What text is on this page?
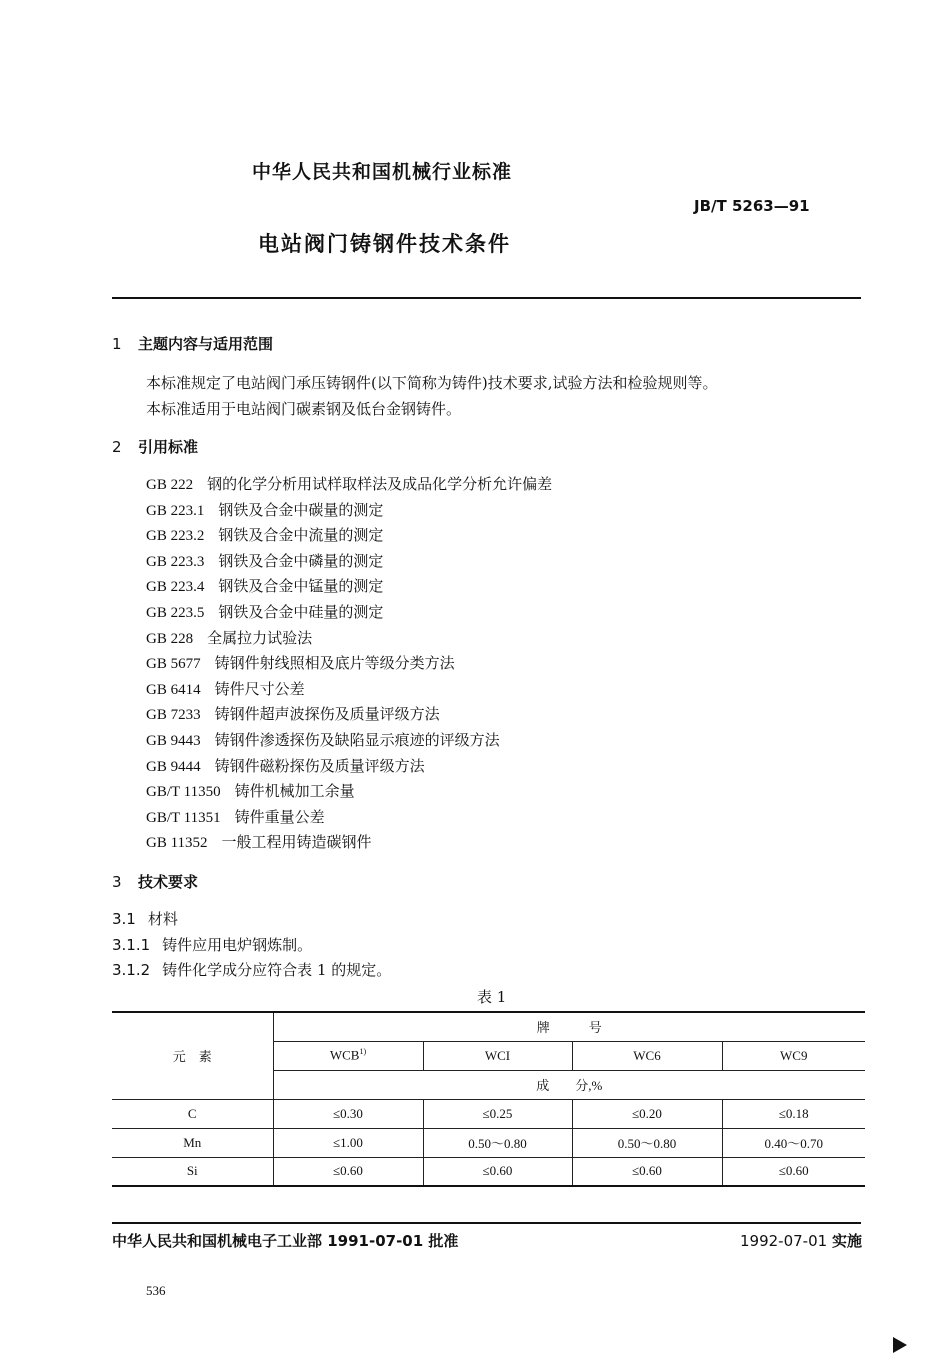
中华人民共和国机械行业标准
JB/T 5263—91
电站阀门铸钢件技术条件
1 主题内容与适用范围
本标准规定了电站阀门承压铸钢件(以下简称为铸件)技术要求,试验方法和检验规则等。
本标准适用于电站阀门碳素钢及低台金钢铸件。
2 引用标准
GB 222 钢的化学分析用试样取样法及成品化学分析允许偏差
GB 223.1 钢铁及合金中碳量的测定
GB 223.2 钢铁及合金中流量的测定
GB 223.3 钢铁及合金中磷量的测定
GB 223.4 钢铁及合金中锰量的测定
GB 223.5 钢铁及合金中硅量的测定
GB 228 全属拉力试验法
GB 5677 铸钢件射线照相及底片等级分类方法
GB 6414 铸件尺寸公差
GB 7233 铸钢件超声波探伤及质量评级方法
GB 9443 铸钢件渗透探伤及缺陷显示痕迹的评级方法
GB 9444 铸钢件磁粉探伤及质量评级方法
GB/T 11350 铸件机械加工余量
GB/T 11351 铸件重量公差
GB 11352 一般工程用铸造碳钢件
3 技术要求
3.1 材料
3.1.1 铸件应用电炉钢炼制。
3.1.2 铸件化学成分应符合表 1 的规定。
表 1
元　素	牌　　　号			
	WCB$^{1)}$	WCI	WC6	WC9
	成　　分,%			
C	≤0.30	≤0.25	≤0.20	≤0.18
Mn	≤1.00	0.50～0.80	0.50～0.80	0.40～0.70
Si	≤0.60	≤0.60	≤0.60	≤0.60
中华人民共和国机械电子工业部 1991-07-01 批准	1992-07-01 实施
536
